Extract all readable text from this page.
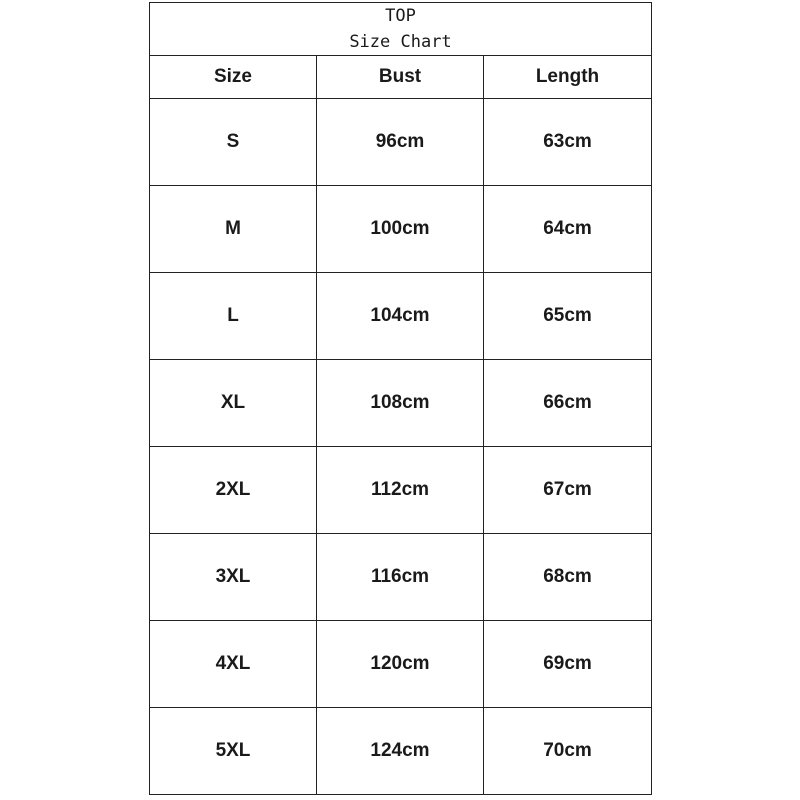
TOP
Size Chart		

Size	Bust	Length
S	96cm	63cm
M	100cm	64cm
L	104cm	65cm
XL	108cm	66cm
2XL	112cm	67cm
3XL	116cm	68cm
4XL	120cm	69cm
5XL	124cm	70cm
